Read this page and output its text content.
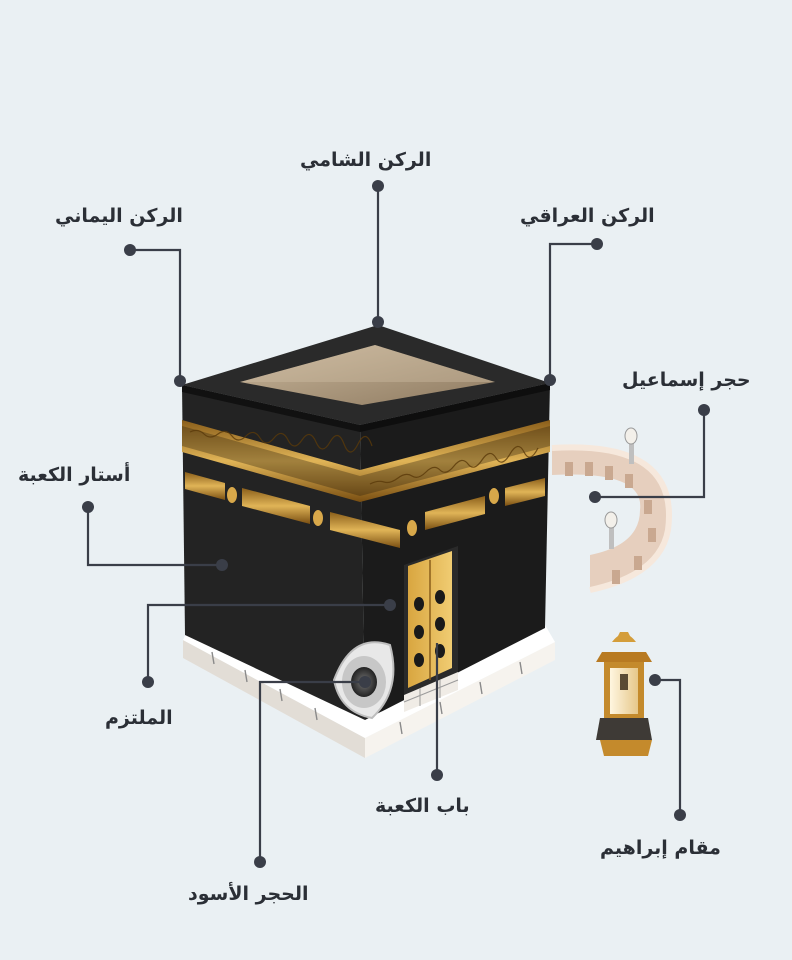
الركن الشامي
الركن اليماني	الركن العراقي
حجر إسماعيل
أستار الكعبة
الملتزم
باب الكعبة
الحجر الأسود
مقام إبراهيم
